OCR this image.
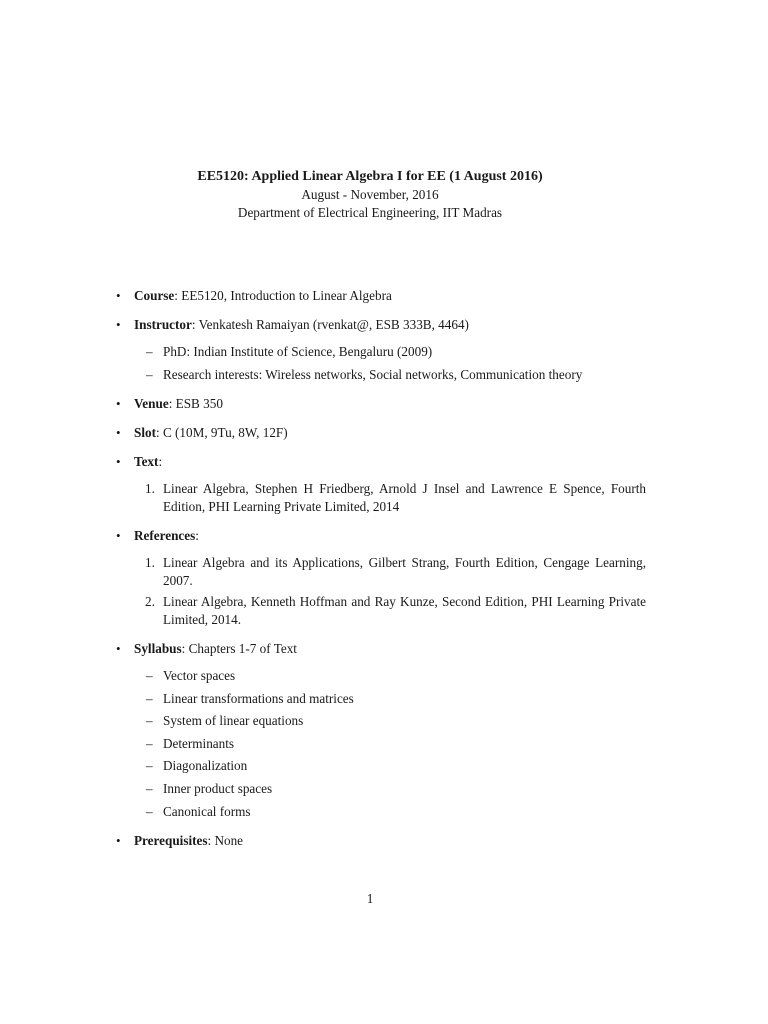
EE5120: Applied Linear Algebra I for EE (1 August 2016)
August - November, 2016
Department of Electrical Engineering, IIT Madras
• Course: EE5120, Introduction to Linear Algebra
• Instructor: Venkatesh Ramaiyan (rvenkat@, ESB 333B, 4464)
– PhD: Indian Institute of Science, Bengaluru (2009)
– Research interests: Wireless networks, Social networks, Communication theory
• Venue: ESB 350
• Slot: C (10M, 9Tu, 8W, 12F)
• Text:
1. Linear Algebra, Stephen H Friedberg, Arnold J Insel and Lawrence E Spence, Fourth Edition, PHI Learning Private Limited, 2014
• References:
1. Linear Algebra and its Applications, Gilbert Strang, Fourth Edition, Cengage Learning, 2007.
2. Linear Algebra, Kenneth Hoffman and Ray Kunze, Second Edition, PHI Learning Private Limited, 2014.
• Syllabus: Chapters 1-7 of Text
– Vector spaces
– Linear transformations and matrices
– System of linear equations
– Determinants
– Diagonalization
– Inner product spaces
– Canonical forms
• Prerequisites: None
1
